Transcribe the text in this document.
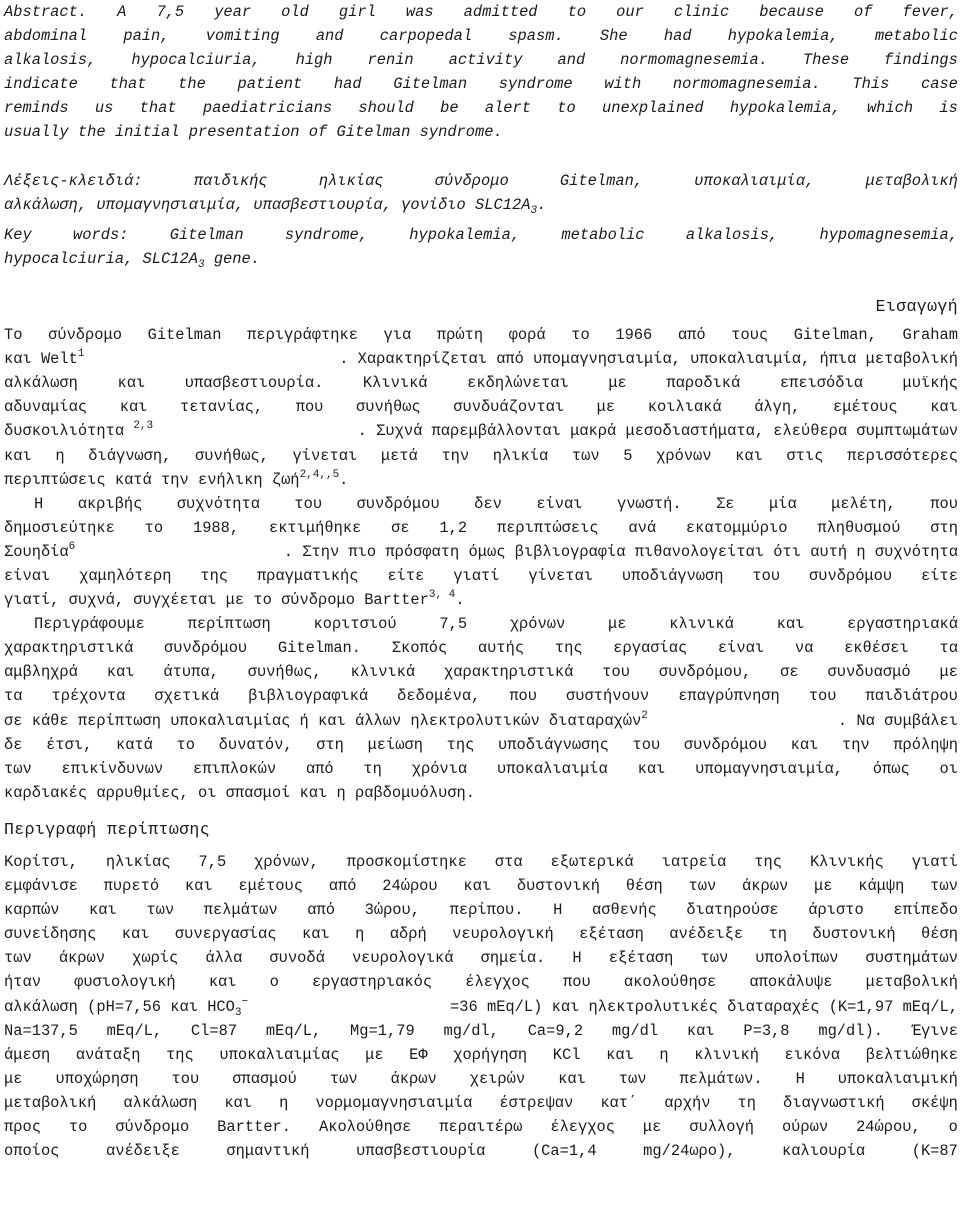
Abstract. A 7,5 year old girl was admitted to our clinic because of fever,
abdominal pain, vomiting and carpopedal spasm. She had hypokalemia, metabolic
alkalosis, hypocalciuria, high renin activity and normomagnesemia. These findings
indicate that the patient had Gitelman syndrome with normomagnesemia. This case
reminds us that paediatricians should be alert to unexplained hypokalemia, which is
usually the initial presentation of Gitelman syndrome.
Λέξεις-κλειδιά:	παιδικής	ηλικίας	σύνδρομο	Gitelman,	υποκαλιαιμία,	μεταβολική
αλκάλωση, υπομαγνησιαιμία, υπασβεστιουρία, γονίδιο $SLC12A_3$.
Key	words:	Gitelman	syndrome,	hypokalemia,	metabolic	alkalosis,	hypomagnesemia,
hypocalciuria, $SLC12A_3$ gene.
Εισαγωγή
Το σύνδρομο Gitelman περιγράφτηκε για πρώτη φορά το 1966 από τους Gitelman, Graham
και Welt$^1$	. Χαρακτηρίζεται από υπομαγνησιαιμία, υποκαλιαιμία, ήπια μεταβολική
αλκάλωση	και	υπασβεστιουρία.	Κλινικά	εκδηλώνεται	με	παροδικά	επεισόδια	μυϊκής
αδυναμίας και τετανίας, που συνήθως συνδυάζονται με κοιλιακά άλγη, εμέτους και
δυσκοιλιότητα $^{2,3}$	. Συχνά παρεμβάλλονται μακρά μεσοδιαστήματα, ελεύθερα συμπτωμάτων
και η διάγνωση, συνήθως, γίνεται μετά την ηλικία των 5 χρόνων και στις περισσότερες
περιπτώσεις κατά την ενήλικη ζωή$^{2,4,,5}$.
Η ακριβής συχνότητα του συνδρόμου δεν είναι γνωστή. Σε μία μελέτη, που
δημοσιεύτηκε το 1988, εκτιμήθηκε σε 1,2 περιπτώσεις ανά εκατομμύριο πληθυσμού στη
Σουηδία$^6$	. Στην πιο πρόσφατη όμως βιβλιογραφία πιθανολογείται ότι αυτή η συχνότητα
είναι χαμηλότερη της πραγματικής είτε γιατί γίνεται υποδιάγνωση του συνδρόμου είτε
γιατί, συχνά, συγχέεται με το σύνδρομο Bartter$^{3, 4}$.
Περιγράφουμε	περίπτωση	κοριτσιού	7,5	χρόνων	με	κλινικά	και	εργαστηριακά
χαρακτηριστικά συνδρόμου Gitelman. Σκοπός αυτής της εργασίας είναι να εκθέσει τα
αμβληχρά και άτυπα, συνήθως, κλινικά χαρακτηριστικά του συνδρόμου, σε συνδυασμό με
τα τρέχοντα σχετικά βιβλιογραφικά δεδομένα, που συστήνουν επαγρύπνηση του παιδιάτρου
σε κάθε περίπτωση υποκαλιαιμίας ή και άλλων ηλεκτρολυτικών διαταραχών$^2$	. Να συμβάλει
δε έτσι, κατά το δυνατόν, στη μείωση της υποδιάγνωσης του συνδρόμου και την πρόληψη
των επικίνδυνων επιπλοκών από τη χρόνια υποκαλιαιμία και υπομαγνησιαιμία, όπως οι
καρδιακές αρρυθμίες, οι σπασμοί και η ραβδομυόλυση.
Περιγραφή περίπτωσης
Κορίτσι, ηλικίας 7,5 χρόνων, προσκομίστηκε στα εξωτερικά ιατρεία της Κλινικής γιατί
εμφάνισε πυρετό και εμέτους από 24ώρου και δυστονική θέση των άκρων με κάμψη των
καρπών και των πελμάτων από 3ώρου, περίπου. Η ασθενής διατηρούσε άριστο επίπεδο
συνείδησης και συνεργασίας και η αδρή νευρολογική εξέταση ανέδειξε τη δυστονική θέση
των άκρων χωρίς άλλα συνοδά νευρολογικά σημεία. Η εξέταση των υπολοίπων συστημάτων
ήταν φυσιολογική και ο εργαστηριακός έλεγχος που ακολούθησε αποκάλυψε μεταβολική
αλκάλωση (pH=7,56 και $HCO_3^-$	=36 mEq/L) και ηλεκτρολυτικές διαταραχές (K=1,97 mEq/L,
Na=137,5 mEq/L, Cl=87 mEq/L, Mg=1,79 mg/dl, Ca=9,2 mg/dl και P=3,8 mg/dl). Έγινε
άμεση ανάταξη της υποκαλιαιμίας με ΕΦ χορήγηση KCl και η κλινική εικόνα βελτιώθηκε
με υποχώρηση του σπασμού των άκρων χειρών και των πελμάτων. Η υποκαλιαιμική
μεταβολική αλκάλωση και η νορμομαγνησιαιμία έστρεψαν κατ΄ αρχήν τη διαγνωστική σκέψη
προς το σύνδρομο Bartter. Ακολούθησε περαιτέρω έλεγχος με συλλογή ούρων 24ώρου, ο
οποίος	ανέδειξε	σημαντική	υπασβεστιουρία	(Ca=1,4	mg/24ωρο),	καλιουρία	(K=87
